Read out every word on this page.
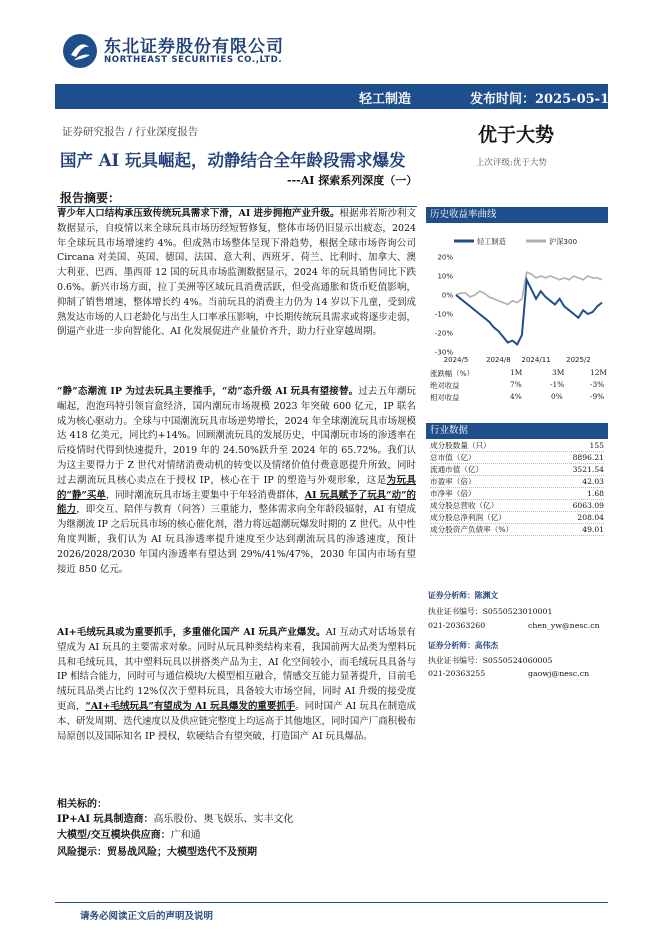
东北证券股份有限公司
NORTHEAST SECURITIES CO.,LTD.
轻工制造	发布时间：2025-05-15
证券研究报告 / 行业深度报告	优于大势
上次评级:优于大势
国产 AI 玩具崛起，动静结合全年龄段需求爆发
---AI 探索系列深度（一）
报告摘要：
青少年人口结构承压致传统玩具需求下滑，AI 进步拥抱产业升级。根据弗若斯沙利文数据显示，自疫情以来全球玩具市场历经短暂修复，整体市场仍旧显示出疲态，2024 年全球玩具市场增速约 4%。但成熟市场整体呈现下滑趋势，根据全球市场咨询公司 Circana 对美国、英国、德国、法国、意大利、西班牙、荷兰、比利时、加拿大、澳大利亚、巴西、墨西哥 12 国的玩具市场监测数据显示，2024 年的玩具销售同比下跌 0.6%。新兴市场方面，拉丁美洲等区域玩具消费活跃，但受高通胀和货币贬值影响，抑制了销售增速，整体增长约 4%。当前玩具的消费主力仍为 14 岁以下儿童，受到成熟发达市场的人口老龄化与出生人口率承压影响，中长期传统玩具需求或将逐步走弱，倒逼产业进一步向智能化、AI 化发展促进产业量价齐升，助力行业穿越周期。
“静”态潮流 IP 为过去玩具主要推手，“动”态升级 AI 玩具有望接替。过去五年潮玩崛起，泡泡玛特引领盲盒经济，国内潮玩市场规模 2023 年突破 600 亿元，IP 联名成为核心驱动力。全球与中国潮流玩具市场逆势增长，2024 年全球潮流玩具市场规模达 418 亿美元，同比约+14%。回顾潮流玩具的发展历史，中国潮玩市场的渗透率在后疫情时代得到快速提升，2019 年的 24.50%跃升至 2024 年的 65.72%。我们认为这主要得力于 Z 世代对情绪消费动机的转变以及情绪价值付费意愿提升所致，同时过去潮流玩具核心卖点在于授权 IP，核心在于 IP 的塑造与外观形象，这是为玩具的“静”买单，同时潮流玩具市场主要集中于年轻消费群体，AI 玩具赋予了玩具“动”的能力，即交互、陪伴与教育（问答）三重能力，整体需求向全年龄段辐射，AI 有望成为继潮流 IP 之后玩具市场的核心催化剂，潜力将远超潮玩爆发时期的 Z 世代。从中性角度判断，我们认为 AI 玩具渗透率提升速度至少达到潮流玩具的渗透速度，预计 2026/2028/2030 年国内渗透率有望达到 29%/41%/47%，2030 年国内市场有望接近 850 亿元。
AI+毛绒玩具或为重要抓手，多重催化国产 AI 玩具产业爆发。AI 互动式对话场景有望成为 AI 玩具的主要需求对象。同时从玩具种类结构来看，我国前两大品类为塑料玩具和毛绒玩具，其中塑料玩具以拼搭类产品为主，AI 化空间较小，而毛绒玩具具备与 IP 相结合能力，同时可与通信模块/大模型相互融合，情感交互能力显著提升，目前毛绒玩具品类占比约 12%仅次于塑料玩具，具备较大市场空间，同时 AI 升级的接受度更高，“AI+毛绒玩具”有望成为 AI 玩具爆发的重要抓手。同时国产 AI 玩具在制造成本、研发周期、迭代速度以及供应链完整度上均远高于其他地区，同时国产厂商积极布局原创以及国际知名 IP 授权，软硬结合有望突破，打造国产 AI 玩具爆品。
相关标的：
IP+AI 玩具制造商：高乐股份、奥飞娱乐、实丰文化
大模型/交互模块供应商：广和通
风险提示：贸易战风险；大模型迭代不及预期
请务必阅读正文后的声明及说明
历史收益率曲线
20%
10%
0%
-10%
-20%
-30%
2024/5	2024/8 2024/11 2025/2
轻工制造	沪深300
涨跌幅（%）	1M	3M	12M
绝对收益	7%	-1%	-3%
相对收益	4%	0%	-9%
行业数据
成分股数量（只）	155
总市值（亿）	8896.21
流通市值（亿）	3521.54
市盈率（倍）	42.03
市净率（倍）	1.68
成分股总营收（亿）	6063.09
成分股总净利润（亿）	208.04
成分股资产负债率（%）	49.01
证券分析师：陈渊文
执业证书编号：S0550523010001
021-20363260	chen_yw@nesc.cn
证券分析师：高伟杰
执业证书编号：S0550524060005
021-20363255	gaowj@nesc.cn
